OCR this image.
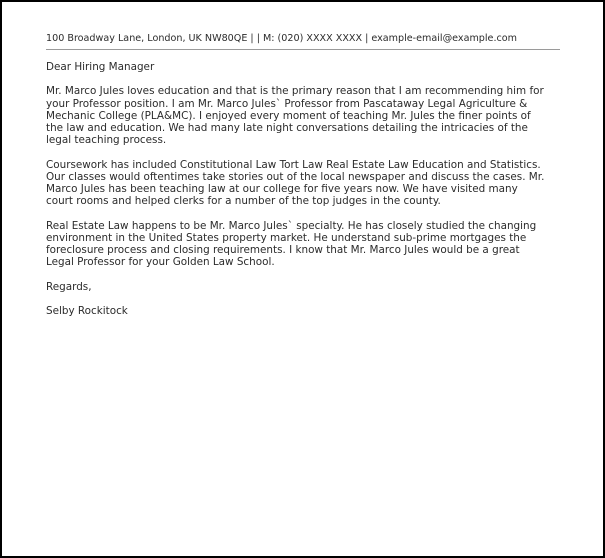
100 Broadway Lane, London, UK NW80QE | | M: (020) XXXX XXXX | example-email@example.com

Dear Hiring Manager

Mr. Marco Jules loves education and that is the primary reason that I am recommending him for
your Professor position. I am Mr. Marco Jules` Professor from Pascataway Legal Agriculture &
Mechanic College (PLA&MC). I enjoyed every moment of teaching Mr. Jules the finer points of
the law and education. We had many late night conversations detailing the intricacies of the
legal teaching process.

Coursework has included Constitutional Law Tort Law Real Estate Law Education and Statistics.
Our classes would oftentimes take stories out of the local newspaper and discuss the cases. Mr.
Marco Jules has been teaching law at our college for five years now. We have visited many
court rooms and helped clerks for a number of the top judges in the county.

Real Estate Law happens to be Mr. Marco Jules` specialty. He has closely studied the changing
environment in the United States property market. He understand sub-prime mortgages the
foreclosure process and closing requirements. I know that Mr. Marco Jules would be a great
Legal Professor for your Golden Law School.

Regards,

Selby Rockitock
